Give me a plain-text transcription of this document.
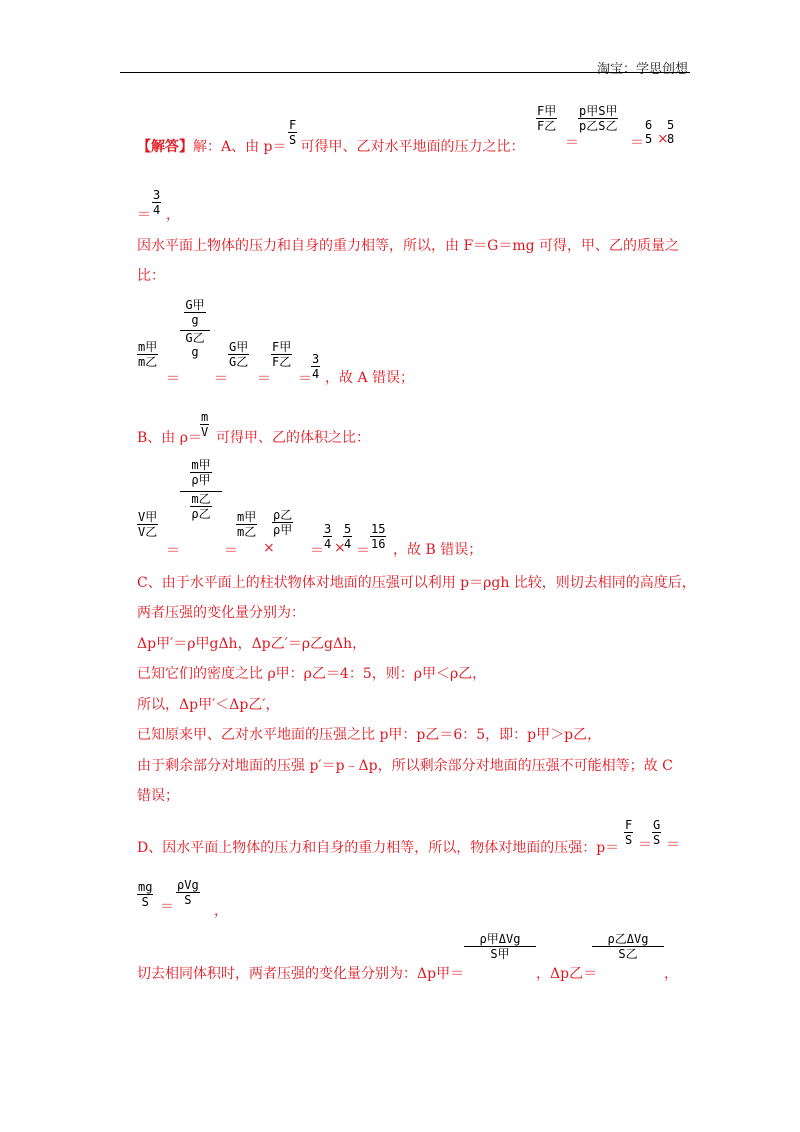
淘宝：学思创想
【解答】解：A、由 p＝ 可得甲、乙对水平地面的压力之比：
F
S
F甲
F乙
＝
p甲S甲
p乙S乙
＝
6
5 ×
5
8
＝
3
4 ，
因水平面上物体的压力和自身的重力相等，所以，由 F＝G＝mg 可得，甲、乙的质量之
比：
m甲
m乙
＝
G甲
g
G乙
g
＝
G甲
G乙
＝
F甲
F乙
＝
3
4 ，故 A 错误；
B、由 ρ＝ 可得甲、乙的体积之比：
m
V
V甲
V乙
＝
m甲
ρ甲
m乙
ρ乙
＝
m甲
m乙
×
ρ乙
ρ甲
＝
3
4 ×
5
4 ＝
15
16 ，故 B 错误；
C、由于水平面上的柱状物体对地面的压强可以利用 p＝ρgh 比较，则切去相同的高度后，
两者压强的变化量分别为：
Δp甲′＝ρ甲gΔh，Δp乙′＝ρ乙gΔh，
已知它们的密度之比 ρ甲：ρ乙＝4：5，则：ρ甲＜ρ乙，
所以，Δp甲′＜Δp乙′，
已知原来甲、乙对水平地面的压强之比 p甲：p乙＝6：5，即：p甲＞p乙，
由于剩余部分对地面的压强 p′＝p﹣Δp，所以剩余部分对地面的压强不可能相等；故 C
错误；
D、因水平面上物体的压力和自身的重力相等，所以，物体对地面的压强：p＝
F
S ＝
G
S ＝
mg
S ＝
ρVg
S
，
切去相同体积时，两者压强的变化量分别为：Δp甲＝
ρ甲ΔVg
S甲
，Δp乙＝
ρ乙ΔVg
S乙
，
